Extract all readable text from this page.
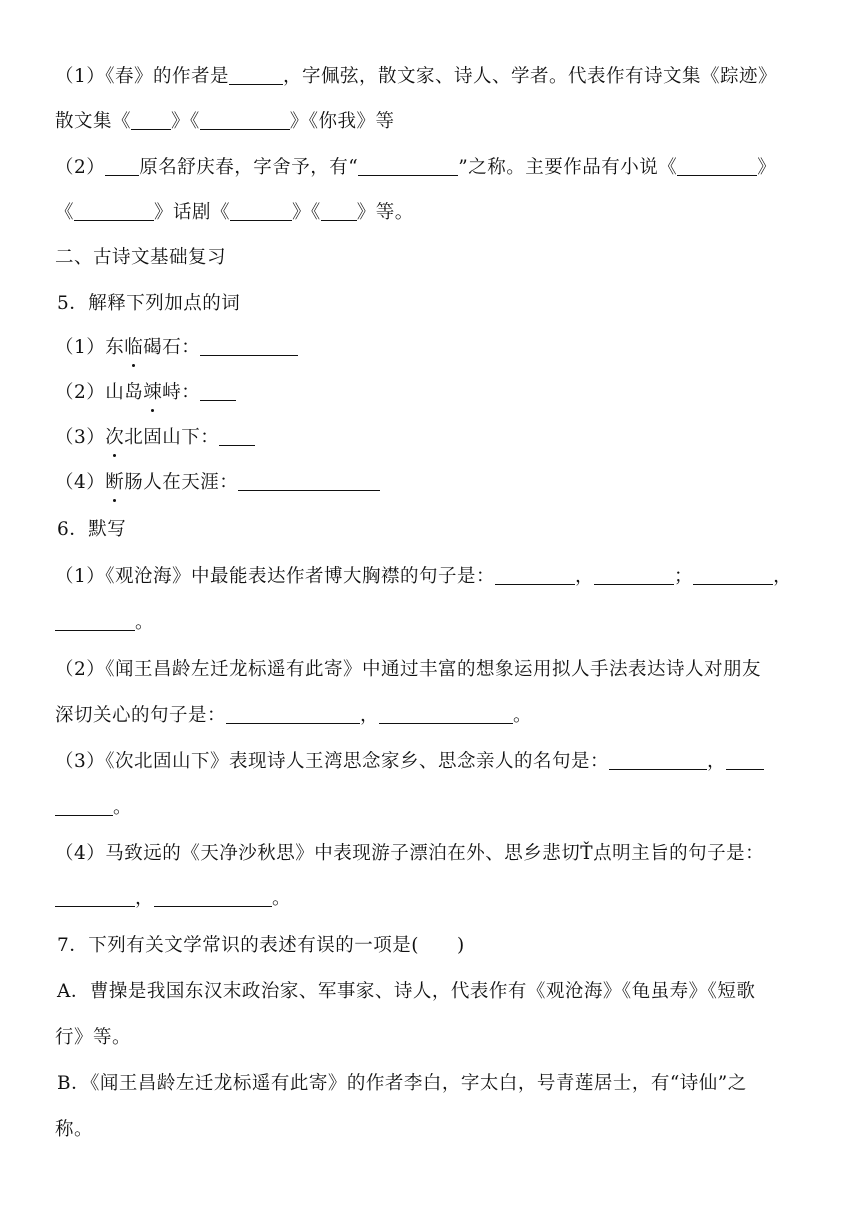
（1）《春》的作者是	，字佩弦，散文家、诗人、学者。代表作有诗文集《踪迹》
散文集《 》《	》《你我》等
（2） 原名舒庆春，字舍予，有“	”之称。主要作品有小说《	》
《	》话剧《	》《 》等。
二、古诗文基础复习
5．解释下列加点的词
（1）东临碣石：
（2）山岛竦峙：
（3）次北固山下：
（4）断肠人在天涯：
6．默写
（1）《观沧海》中最能表达作者博大胸襟的句子是：	，	；	，
。
（2）《闻王昌龄左迁龙标遥有此寄》中通过丰富的想象运用拟人手法表达诗人对朋友
深切关心的句子是：	，	。
（3）《次北固山下》表现诗人王湾思念家乡、思念亲人的名句是：	，
。
（4）马致远的《天净沙秋思》中表现游子漂泊在外、思乡悲切Ť点明主旨的句子是：
，	。
7．下列有关文学常识的表述有误的一项是(　　)
A．曹操是我国东汉末政治家、军事家、诗人，代表作有《观沧海》《龟虽寿》《短歌
行》等。
B．《闻王昌龄左迁龙标遥有此寄》的作者李白，字太白，号青莲居士，有“诗仙”之
称。
